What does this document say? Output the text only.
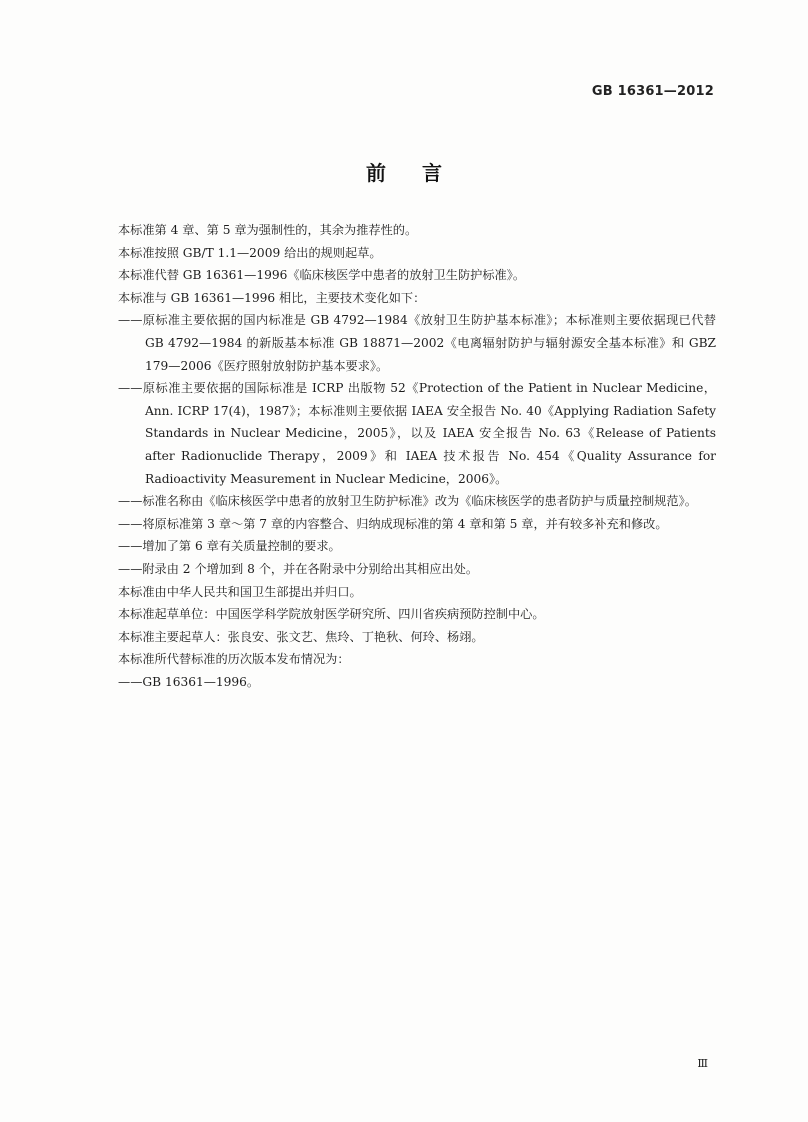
GB 16361—2012
前言

本标准第 4 章、第 5 章为强制性的，其余为推荐性的。

本标准按照 GB/T 1.1—2009 给出的规则起草。

本标准代替 GB 16361—1996《临床核医学中患者的放射卫生防护标准》。

本标准与 GB 16361—1996 相比，主要技术变化如下：

——原标准主要依据的国内标准是 GB 4792—1984《放射卫生防护基本标准》；本标准则主要依据现已代替 GB 4792—1984 的新版基本标准 GB 18871—2002《电离辐射防护与辐射源安全基本标准》和 GBZ 179—2006《医疗照射放射防护基本要求》。

——原标准主要依据的国际标准是 ICRP 出版物 52《Protection of the Patient in Nuclear Medicine，Ann. ICRP 17(4)，1987》；本标准则主要依据 IAEA 安全报告 No. 40《Applying Radiation Safety Standards in Nuclear Medicine，2005》，以及 IAEA 安全报告 No. 63《Release of Patients after Radionuclide Therapy，2009》和 IAEA 技术报告 No. 454《Quality Assurance for Radioactivity Measurement in Nuclear Medicine，2006》。

——标准名称由《临床核医学中患者的放射卫生防护标准》改为《临床核医学的患者防护与质量控制规范》。

——将原标准第 3 章～第 7 章的内容整合、归纳成现标准的第 4 章和第 5 章，并有较多补充和修改。

——增加了第 6 章有关质量控制的要求。

——附录由 2 个增加到 8 个，并在各附录中分别给出其相应出处。

本标准由中华人民共和国卫生部提出并归口。

本标准起草单位：中国医学科学院放射医学研究所、四川省疾病预防控制中心。

本标准主要起草人：张良安、张文艺、焦玲、丁艳秋、何玲、杨翊。

本标准所代替标准的历次版本发布情况为：

——GB 16361—1996。

Ⅲ
